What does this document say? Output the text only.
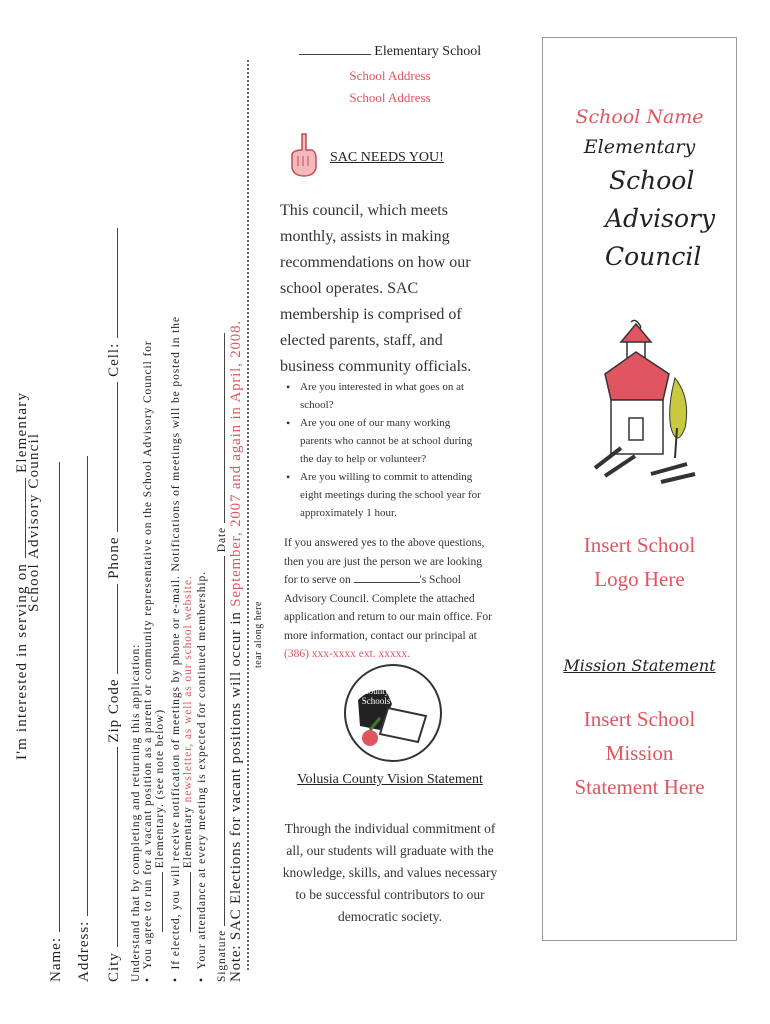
I'm interested in serving on  Elementary
School Advisory Council
Name: Address: City  Zip Code  Phone  Cell:
Understand that by completing and returning this application: •  You agree to run for a vacant position as a parent or community representative on the School Advisory Council for Elementary. (see note below)
•  If elected, you will receive notification of meetings by phone or e-mail. Notifications of meetings will be posted in the Elementary newsletter, as well as our school website.
•  Your attendance at every meeting is expected for continued membership. Signature  Date
Note: SAC Elections for vacant positions will occur in September, 2007 and again in April, 2008.
tear along here
Elementary School
School Address
School Address
SAC NEEDS YOU!
This council, which meets monthly, assists in making recommendations on how our school operates. SAC membership is comprised of elected parents, staff, and business community officials.
• Are you interested in what goes on at school?
• Are you one of our many working parents who cannot be at school during the day to help or volunteer?
• Are you willing to commit to attending eight meetings during the school year for approximately 1 hour.
If you answered yes to the above questions, then you are just the person we are looking for to serve on	's School Advisory Council. Complete the attached application and return to our main office. For more information, contact our principal at (386) xxx-xxxx ext. xxxxx.
Volusia County Schools
Volusia County Vision Statement
Through the individual commitment of all, our students will graduate with the knowledge, skills, and values necessary to be successful contributors to our democratic society.
School Name
Elementary
School
Advisory
Council
Insert School Logo Here
Mission Statement
Insert School Mission Statement Here
